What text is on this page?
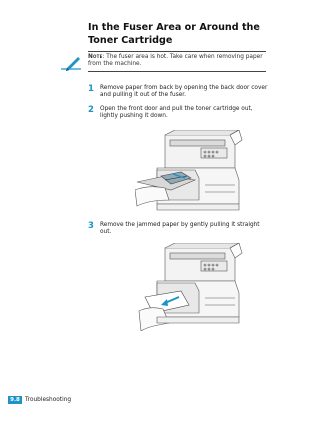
In the Fuser Area or Around the Toner Cartridge
Note: The fuser area is hot. Take care when removing paper from the machine.
1 Remove paper from back by opening the back door cover and pulling it out of the fuser.
2 Open the front door and pull the toner cartridge out, lightly pushing it down.
3 Remove the jammed paper by gently pulling it straight out.
9.8 Troubleshooting
